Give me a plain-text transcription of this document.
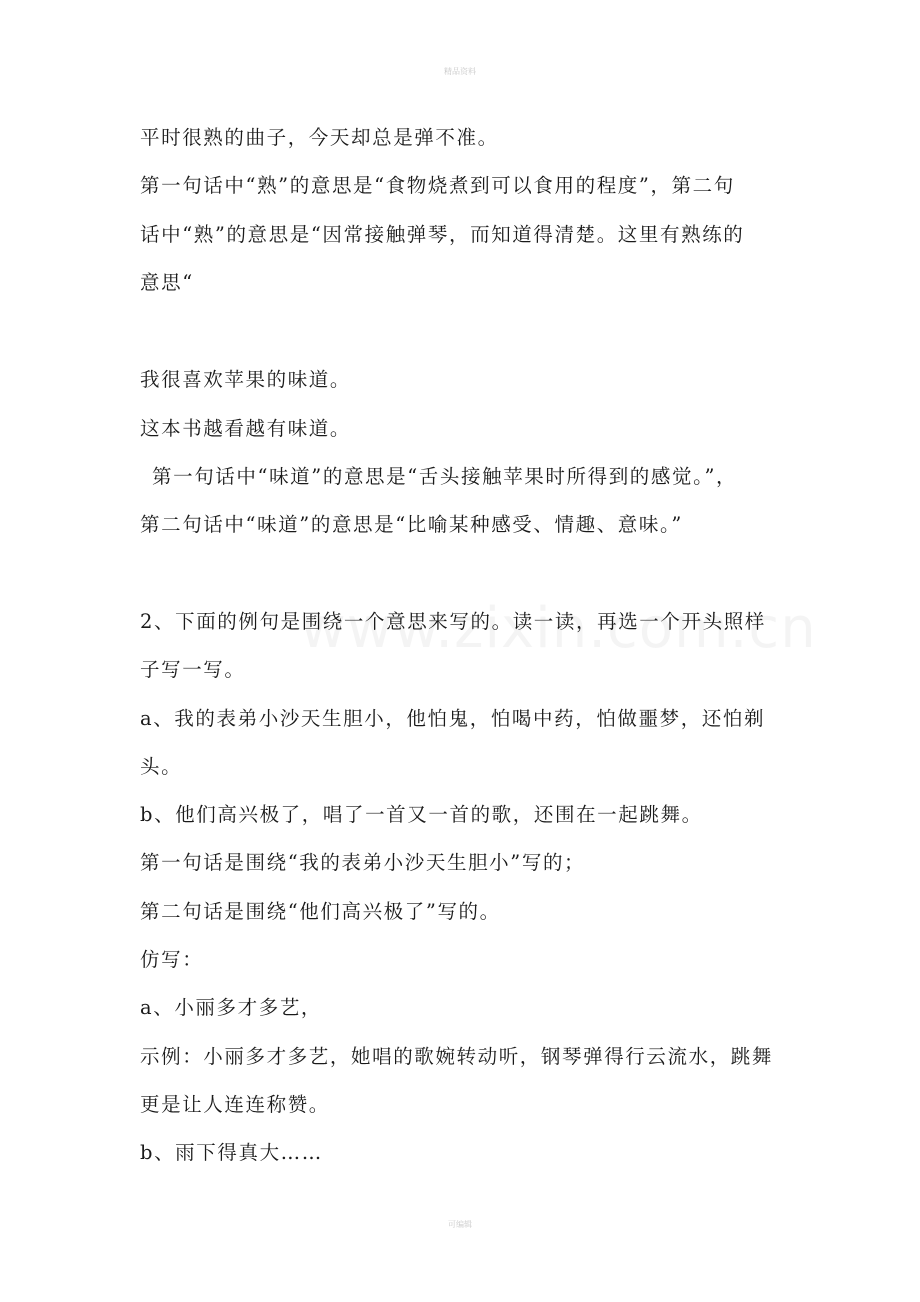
精品资料
平时很熟的曲子，今天却总是弹不准。
第一句话中“熟”的意思是“食物烧煮到可以食用的程度”，第二句
话中“熟”的意思是“因常接触弹琴，而知道得清楚。这里有熟练的
意思“
我很喜欢苹果的味道。
这本书越看越有味道。
第一句话中“味道”的意思是“舌头接触苹果时所得到的感觉。”，
第二句话中“味道”的意思是“比喻某种感受、情趣、意味。”
2、下面的例句是围绕一个意思来写的。读一读，再选一个开头照样
子写一写。
a、我的表弟小沙天生胆小，他怕鬼，怕喝中药，怕做噩梦，还怕剃
头。
b、他们高兴极了，唱了一首又一首的歌，还围在一起跳舞。
第一句话是围绕“我的表弟小沙天生胆小”写的；
第二句话是围绕“他们高兴极了”写的。
仿写：
a、小丽多才多艺，
示例：小丽多才多艺，她唱的歌婉转动听，钢琴弹得行云流水，跳舞
更是让人连连称赞。
b、雨下得真大……
可编辑
